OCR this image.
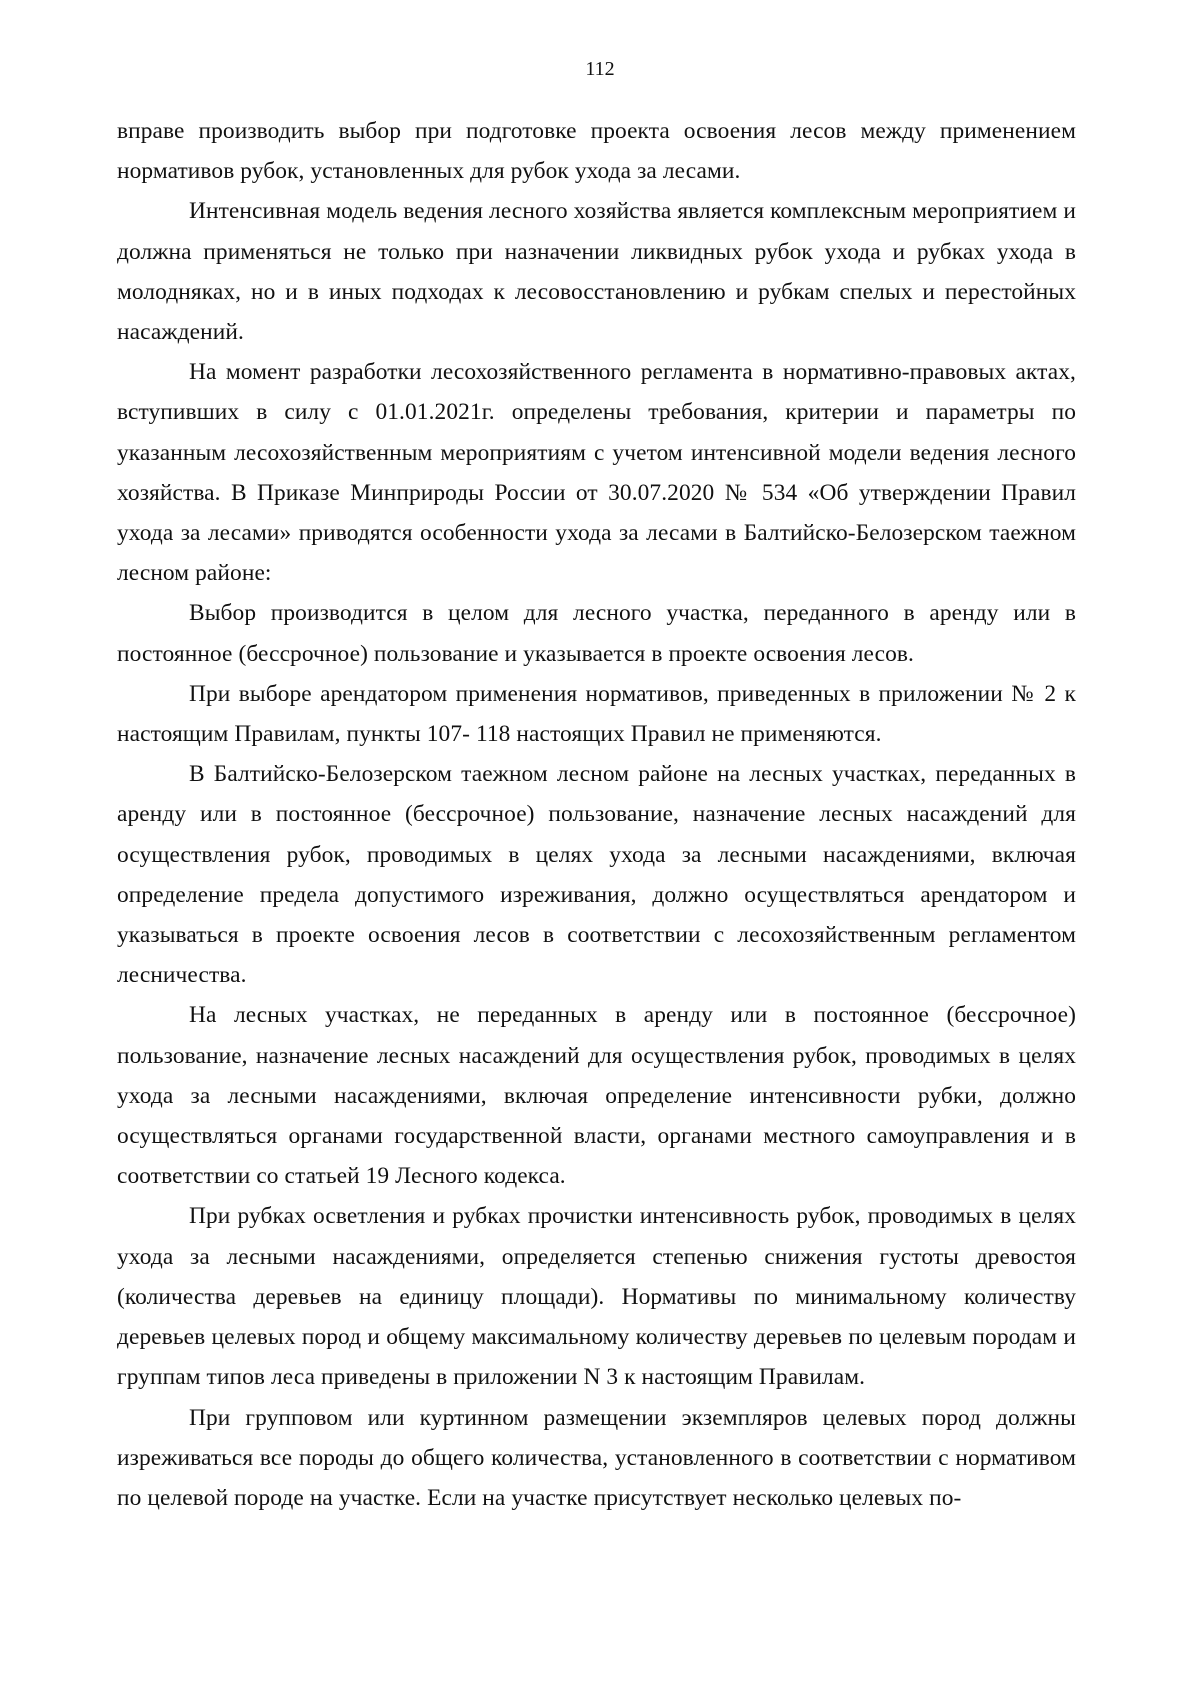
112

вправе производить выбор при подготовке проекта освоения лесов между применением нормативов рубок, установленных для рубок ухода за лесами.

Интенсивная модель ведения лесного хозяйства является комплексным мероприятием и должна применяться не только при назначении ликвидных рубок ухода и рубках ухода в молодняках, но и в иных подходах к лесовосстановлению и рубкам спелых и перестойных насаждений.

На момент разработки лесохозяйственного регламента в нормативно-правовых актах, вступивших в силу с 01.01.2021г. определены требования, критерии и параметры по указанным лесохозяйственным мероприятиям с учетом интенсивной модели ведения лесного хозяйства. В Приказе Минприроды России от 30.07.2020 № 534 «Об утверждении Правил ухода за лесами» приводятся особенности ухода за лесами в Балтийско-Белозерском таежном лесном районе:

Выбор производится в целом для лесного участка, переданного в аренду или в постоянное (бессрочное) пользование и указывается в проекте освоения лесов.

При выборе арендатором применения нормативов, приведенных в приложении № 2 к настоящим Правилам, пункты 107- 118 настоящих Правил не применяются.

В Балтийско-Белозерском таежном лесном районе на лесных участках, переданных в аренду или в постоянное (бессрочное) пользование, назначение лесных насаждений для осуществления рубок, проводимых в целях ухода за лесными насаждениями, включая определение предела допустимого изреживания, должно осуществляться арендатором и указываться в проекте освоения лесов в соответствии с лесохозяйственным регламентом лесничества.

На лесных участках, не переданных в аренду или в постоянное (бессрочное) пользование, назначение лесных насаждений для осуществления рубок, проводимых в целях ухода за лесными насаждениями, включая определение интенсивности рубки, должно осуществляться органами государственной власти, органами местного самоуправления и в соответствии со статьей 19 Лесного кодекса.

При рубках осветления и рубках прочистки интенсивность рубок, проводимых в целях ухода за лесными насаждениями, определяется степенью снижения густоты древостоя (количества деревьев на единицу площади). Нормативы по минимальному количеству деревьев целевых пород и общему максимальному количеству деревьев по целевым породам и группам типов леса приведены в приложении N 3 к настоящим Правилам.

При групповом или куртинном размещении экземпляров целевых пород должны изреживаться все породы до общего количества, установленного в соответствии с нормативом по целевой породе на участке. Если на участке присутствует несколько целевых по-
